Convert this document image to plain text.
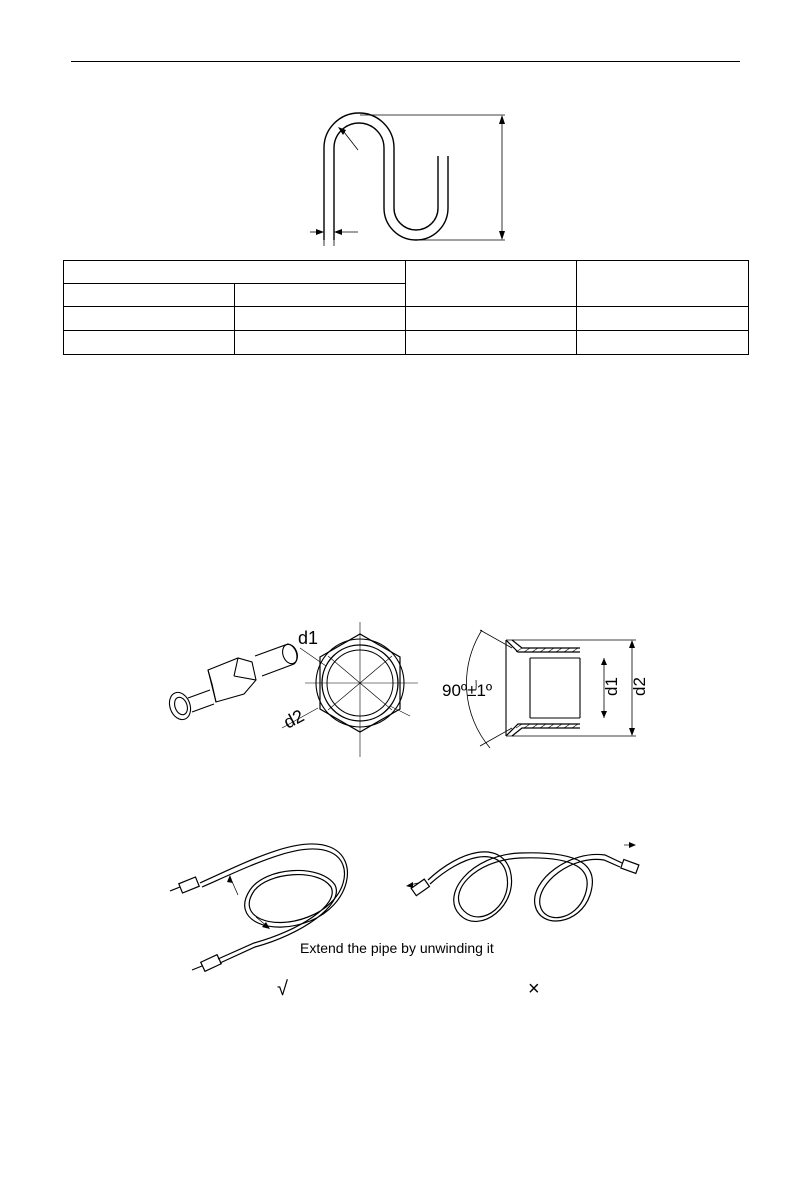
d1
d2
90º±1º	d1 d2
Extend the pipe by unwinding it
√	×
